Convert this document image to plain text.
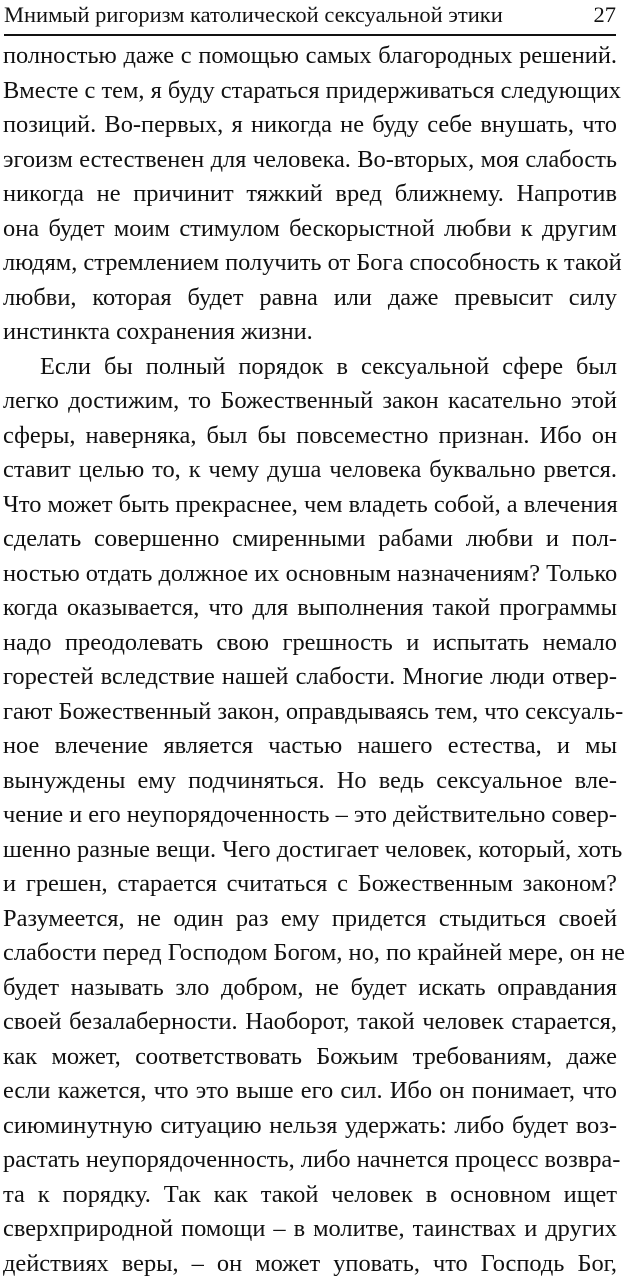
Мнимый ригоризм католической сексуальной этики	27
полностью даже с помощью самых благородных решений.
Вместе с тем, я буду стараться придерживаться следующих
позиций. Во-первых, я никогда не буду себе внушать, что
эгоизм естественен для человека. Во-вторых, моя слабость
никогда не причинит тяжкий вред ближнему. Напротив
она будет моим стимулом бескорыстной любви к другим
людям, стремлением получить от Бога способность к такой
любви, которая будет равна или даже превысит силу
инстинкта сохранения жизни.
Если бы полный порядок в сексуальной сфере был
легко достижим, то Божественный закон касательно этой
сферы, наверняка, был бы повсеместно признан. Ибо он
ставит целью то, к чему душа человека буквально рвется.
Что может быть прекраснее, чем владеть собой, а влечения
сделать совершенно смиренными рабами любви и пол-
ностью отдать должное их основным назначениям? Только
когда оказывается, что для выполнения такой программы
надо преодолевать свою грешность и испытать немало
горестей вследствие нашей слабости. Многие люди отвер-
гают Божественный закон, оправдываясь тем, что сексуаль-
ное влечение является частью нашего естества, и мы
вынуждены ему подчиняться. Но ведь сексуальное вле-
чение и его неупорядоченность – это действительно совер-
шенно разные вещи. Чего достигает человек, который, хоть
и грешен, старается считаться с Божественным законом?
Разумеется, не один раз ему придется стыдиться своей
слабости перед Господом Богом, но, по крайней мере, он не
будет называть зло добром, не будет искать оправдания
своей безалаберности. Наоборот, такой человек старается,
как может, соответствовать Божьим требованиям, даже
если кажется, что это выше его сил. Ибо он понимает, что
сиюминутную ситуацию нельзя удержать: либо будет воз-
растать неупорядоченность, либо начнется процесс возвра-
та к порядку. Так как такой человек в основном ищет
сверхприродной помощи – в молитве, таинствах и других
действиях веры, – он может уповать, что Господь Бог,
